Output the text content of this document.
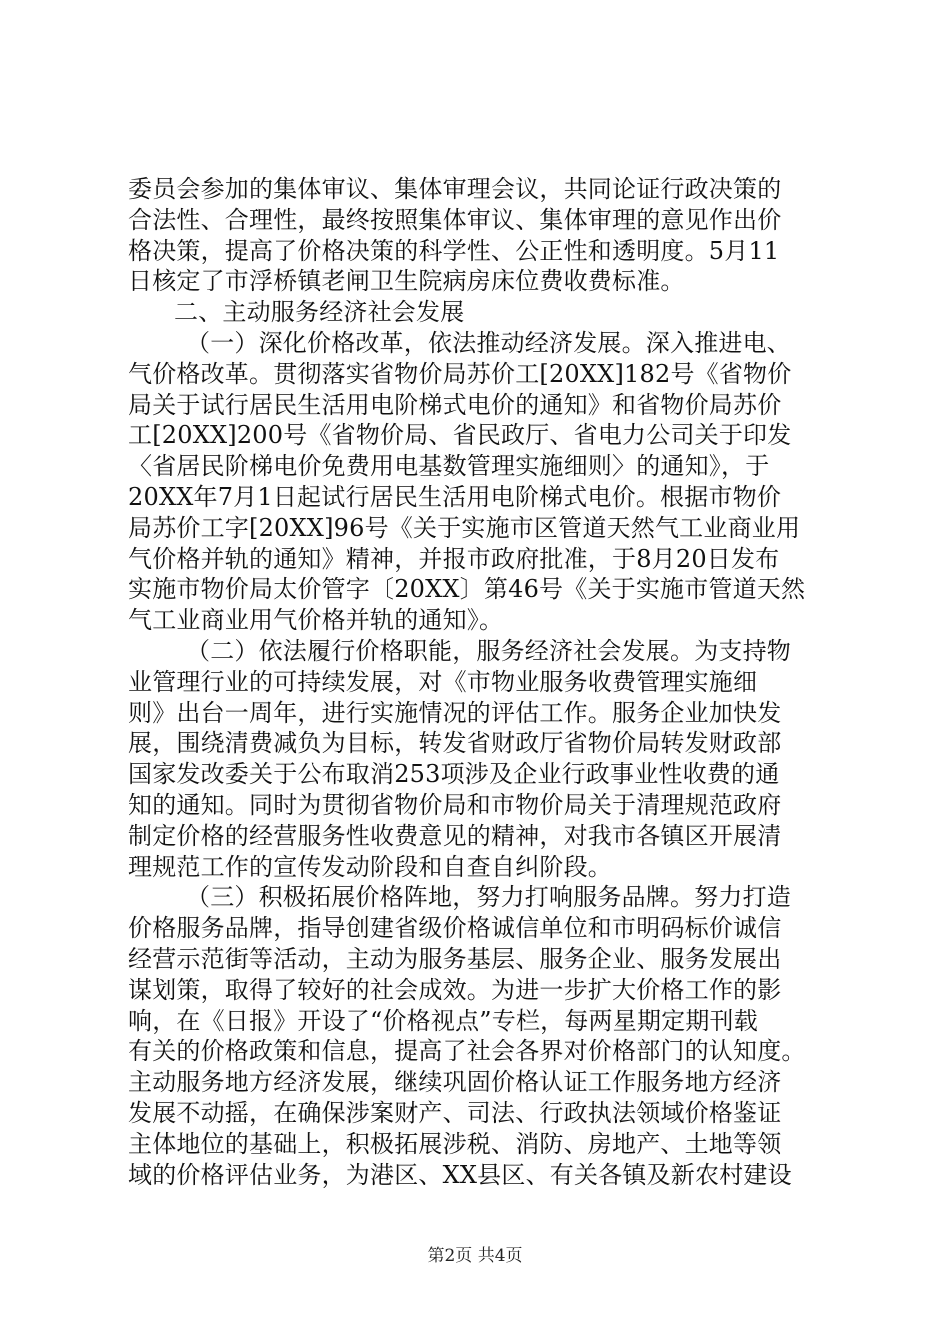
委员会参加的集体审议、集体审理会议，共同论证行政决策的
合法性、合理性，最终按照集体审议、集体审理的意见作出价
格决策，提高了价格决策的科学性、公正性和透明度。5月11
日核定了市浮桥镇老闸卫生院病房床位费收费标准。
二、主动服务经济社会发展
（一）深化价格改革，依法推动经济发展。深入推进电、
气价格改革。贯彻落实省物价局苏价工[20XX]182号《省物价
局关于试行居民生活用电阶梯式电价的通知》和省物价局苏价
工[20XX]200号《省物价局、省民政厅、省电力公司关于印发
〈省居民阶梯电价免费用电基数管理实施细则〉的通知》，于
20XX年7月1日起试行居民生活用电阶梯式电价。根据市物价
局苏价工字[20XX]96号《关于实施市区管道天然气工业商业用
气价格并轨的通知》精神，并报市政府批准，于8月20日发布
实施市物价局太价管字〔20XX〕第46号《关于实施市管道天然
气工业商业用气价格并轨的通知》。
（二）依法履行价格职能，服务经济社会发展。为支持物
业管理行业的可持续发展，对《市物业服务收费管理实施细
则》出台一周年，进行实施情况的评估工作。服务企业加快发
展，围绕清费减负为目标，转发省财政厅省物价局转发财政部
国家发改委关于公布取消253项涉及企业行政事业性收费的通
知的通知。同时为贯彻省物价局和市物价局关于清理规范政府
制定价格的经营服务性收费意见的精神，对我市各镇区开展清
理规范工作的宣传发动阶段和自查自纠阶段。
（三）积极拓展价格阵地，努力打响服务品牌。努力打造
价格服务品牌，指导创建省级价格诚信单位和市明码标价诚信
经营示范街等活动，主动为服务基层、服务企业、服务发展出
谋划策，取得了较好的社会成效。为进一步扩大价格工作的影
响，在《日报》开设了“价格视点”专栏，每两星期定期刊载
有关的价格政策和信息，提高了社会各界对价格部门的认知度。
主动服务地方经济发展，继续巩固价格认证工作服务地方经济
发展不动摇，在确保涉案财产、司法、行政执法领域价格鉴证
主体地位的基础上，积极拓展涉税、消防、房地产、土地等领
域的价格评估业务，为港区、XX县区、有关各镇及新农村建设
第2页 共4页
